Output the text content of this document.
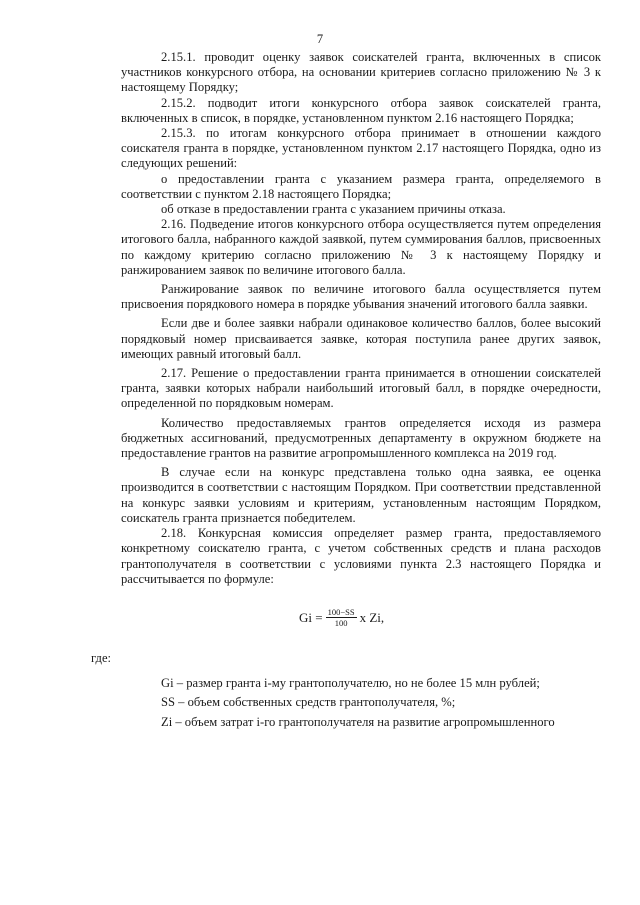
7

2.15.1. проводит оценку заявок соискателей гранта, включенных в список участников конкурсного отбора, на основании критериев согласно приложению № 3 к настоящему Порядку;

2.15.2. подводит итоги конкурсного отбора заявок соискателей гранта, включенных в список, в порядке, установленном пунктом 2.16 настоящего Порядка;

2.15.3. по итогам конкурсного отбора принимает в отношении каждого соискателя гранта в порядке, установленном пунктом 2.17 настоящего Порядка, одно из следующих решений:

о предоставлении гранта с указанием размера гранта, определяемого в соответствии с пунктом 2.18 настоящего Порядка;

об отказе в предоставлении гранта с указанием причины отказа.

2.16. Подведение итогов конкурсного отбора осуществляется путем определения итогового балла, набранного каждой заявкой, путем суммирования баллов, присвоенных по каждому критерию согласно приложению № 3 к настоящему Порядку и ранжированием заявок по величине итогового балла.

Ранжирование заявок по величине итогового балла осуществляется путем присвоения порядкового номера в порядке убывания значений итогового балла заявки.

Если две и более заявки набрали одинаковое количество баллов, более высокий порядковый номер присваивается заявке, которая поступила ранее других заявок, имеющих равный итоговый балл.

2.17. Решение о предоставлении гранта принимается в отношении соискателей гранта, заявки которых набрали наибольший итоговый балл, в порядке очередности, определенной по порядковым номерам.

Количество предоставляемых грантов определяется исходя из размера бюджетных ассигнований, предусмотренных департаменту в окружном бюджете на предоставление грантов на развитие агропромышленного комплекса на 2019 год.

В случае если на конкурс представлена только одна заявка, ее оценка производится в соответствии с настоящим Порядком. При соответствии представленной на конкурс заявки условиям и критериям, установленным настоящим Порядком, соискатель гранта признается победителем.

2.18. Конкурсная комиссия определяет размер гранта, предоставляемого конкретному соискателю гранта, с учетом собственных средств и плана расходов грантополучателя в соответствии с условиями пункта 2.3 настоящего Порядка и рассчитывается по формуле:

$Gi = \frac{100-SS}{100}$ x Zi,
где:

Gi – размер гранта i-му грантополучателю, но не более 15 млн рублей;

SS – объем собственных средств грантополучателя, %;

Zi – объем затрат i-го грантополучателя на развитие агропромышленного
